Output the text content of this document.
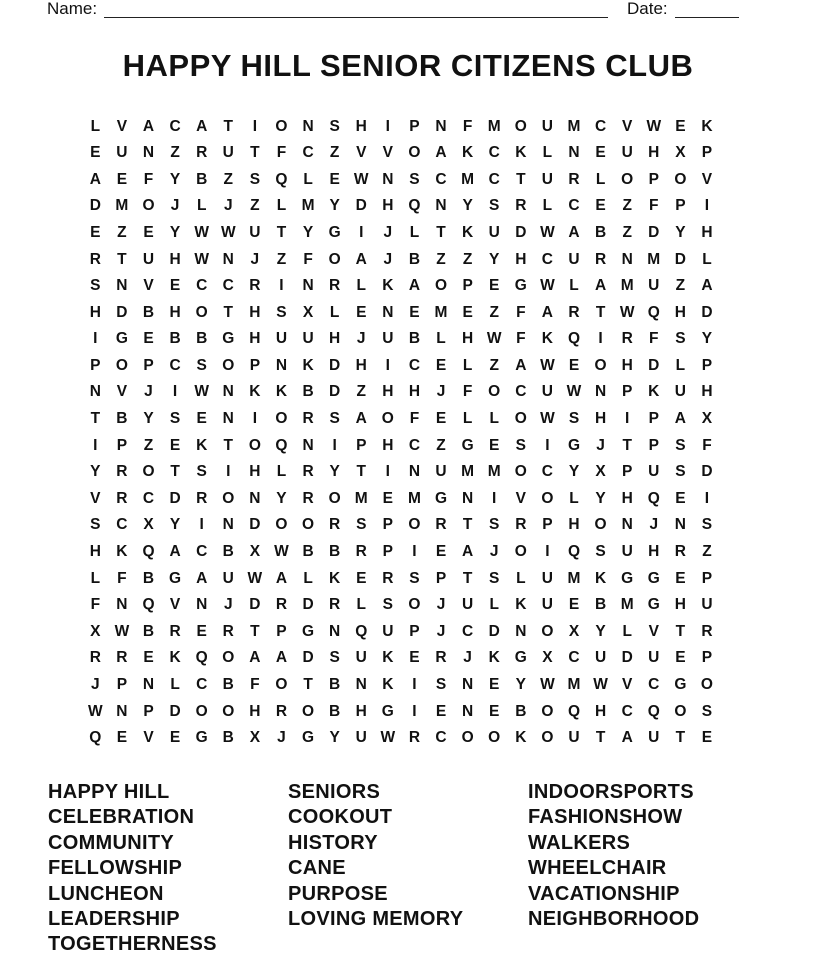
Name:	Date:
HAPPY HILL SENIOR CITIZENS CLUB
L	V	A C A	T	I	O N	S	H	I	P	N	F M O U M C	V W E	K
E	U N	Z	R U	T	F	C	Z	V	V O A K C K	L	N	E	U H	X	P
A	E	F	Y	B	Z	S Q	L	E W N	S	C M C	T	U R	L	O P O V
D M O	J	L	J	Z	L M Y	D H Q N	Y	S	R	L	C	E	Z	F	P	I
E	Z	E	Y W W U	T	Y G	I	J	L	T	K U D W A B	Z	D	Y	H
R	T	U H W N	J	Z	F	O A	J	B	Z	Z	Y	H C U R N M D	L
S	N	V	E	C C R	I	N R	L	K A O P	E G W L	A M U	Z	A
H D B H O	T	H	S	X	L	E	N	E M E	Z	F	A R	T W Q H D
I	G E	B B G H U U H	J	U B	L	H W F	K Q	I	R	F	S	Y
P O P	C	S O P	N K D H	I	C	E	L	Z	A W E O H D	L	P
N	V	J	I	W N K K B D	Z	H H	J	F	O C U W N	P	K U H
T	B	Y	S	E	N	I	O R	S	A O	F	E	L	L	O W S	H	I	P	A	X
I	P	Z	E	K	T	O Q N	I	P	H C	Z	G E	S	I	G	J	T	P	S	F
Y	R O	T	S	I	H	L	R	Y	T	I	N U M M O C	Y	X	P	U	S	D
V	R C D R O N	Y	R O M E M G N	I	V O	L	Y	H Q E	I
S	C	X	Y	I	N D O O R	S	P O R	T	S	R	P	H O N	J	N	S
H K Q A C B	X W B B R	P	I	E	A	J	O	I	Q S	U H R	Z
L	F	B G A U W A	L	K	E	R	S	P	T	S	L	U M K G G E	P
F	N Q V	N	J	D R D R	L	S O	J	U	L	K U	E	B M G H U
X W B R	E	R	T	P G N Q U	P	J	C D N O X	Y	L	V	T	R
R R	E	K Q O A A D	S	U K	E	R	J	K G X	C U D U	E	P
J	P	N	L	C B	F	O	T	B N K	I	S	N	E	Y W M W V	C G O
W N	P	D O O H R O B H G	I	E	N	E	B O Q H C Q O S
Q E	V	E G B	X	J	G Y	U W R C O O K O U	T	A U	T	E
HAPPY HILL
CELEBRATION
COMMUNITY
FELLOWSHIP
LUNCHEON
LEADERSHIP
TOGETHERNESS
SENIORS
COOKOUT
HISTORY
CANE
PURPOSE
LOVING MEMORY
INDOORSPORTS
FASHIONSHOW
WALKERS
WHEELCHAIR
VACATIONSHIP
NEIGHBORHOOD
